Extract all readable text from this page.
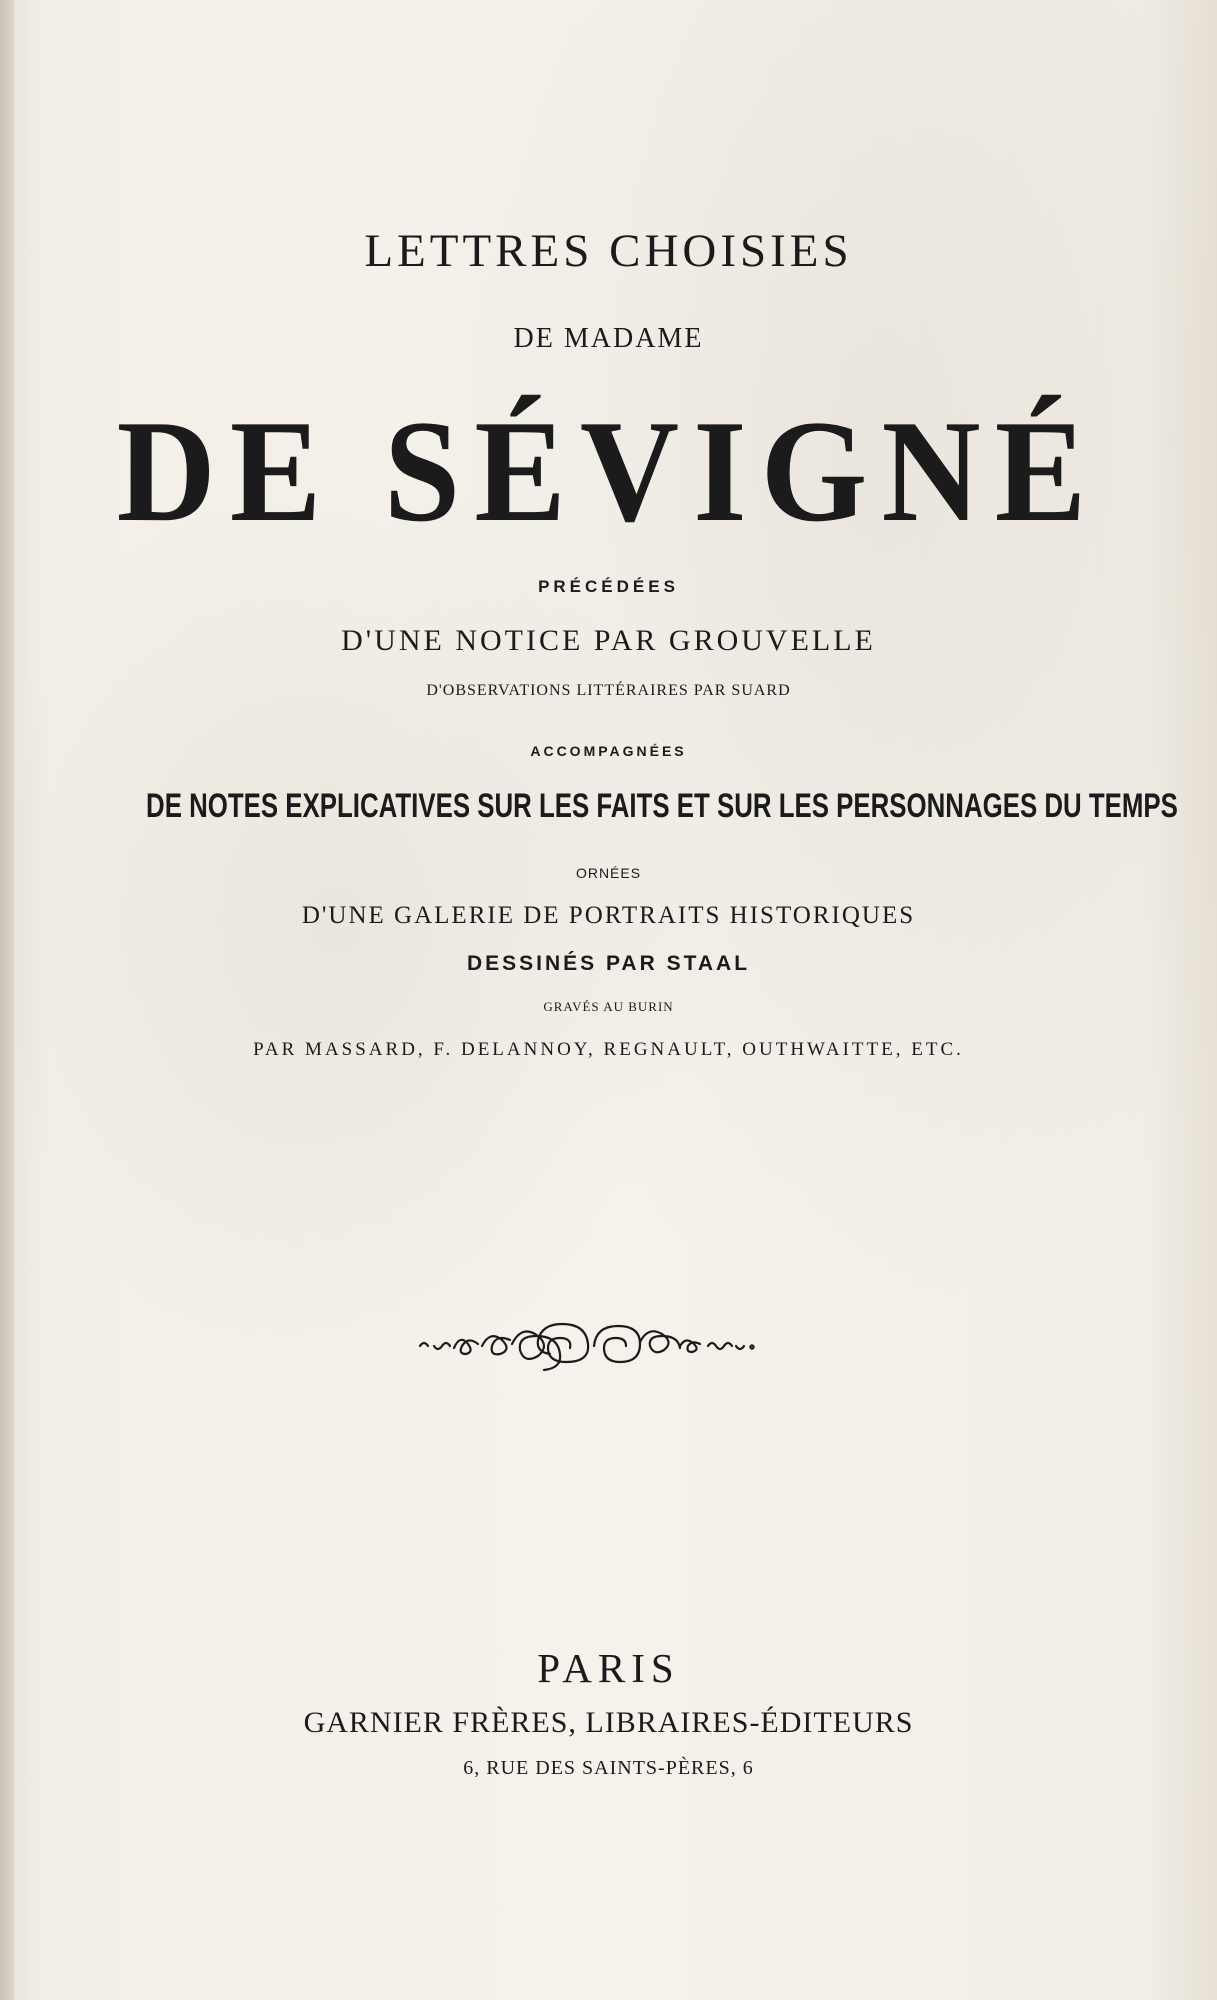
LETTRES CHOISIES
DE MADAME
DE SÉVIGNÉ
PRÉCÉDÉES
D'UNE NOTICE PAR GROUVELLE
D'OBSERVATIONS LITTÉRAIRES PAR SUARD
ACCOMPAGNÉES
DE NOTES EXPLICATIVES SUR LES FAITS ET SUR LES PERSONNAGES DU TEMPS
ORNÉES
D'UNE GALERIE DE PORTRAITS HISTORIQUES
DESSINÉS PAR STAAL
GRAVÉS AU BURIN
PAR MASSARD, F. DELANNOY, REGNAULT, OUTHWAITTE, ETC.
PARIS
GARNIER FRÈRES, LIBRAIRES-ÉDITEURS
6, RUE DES SAINTS-PÈRES, 6
